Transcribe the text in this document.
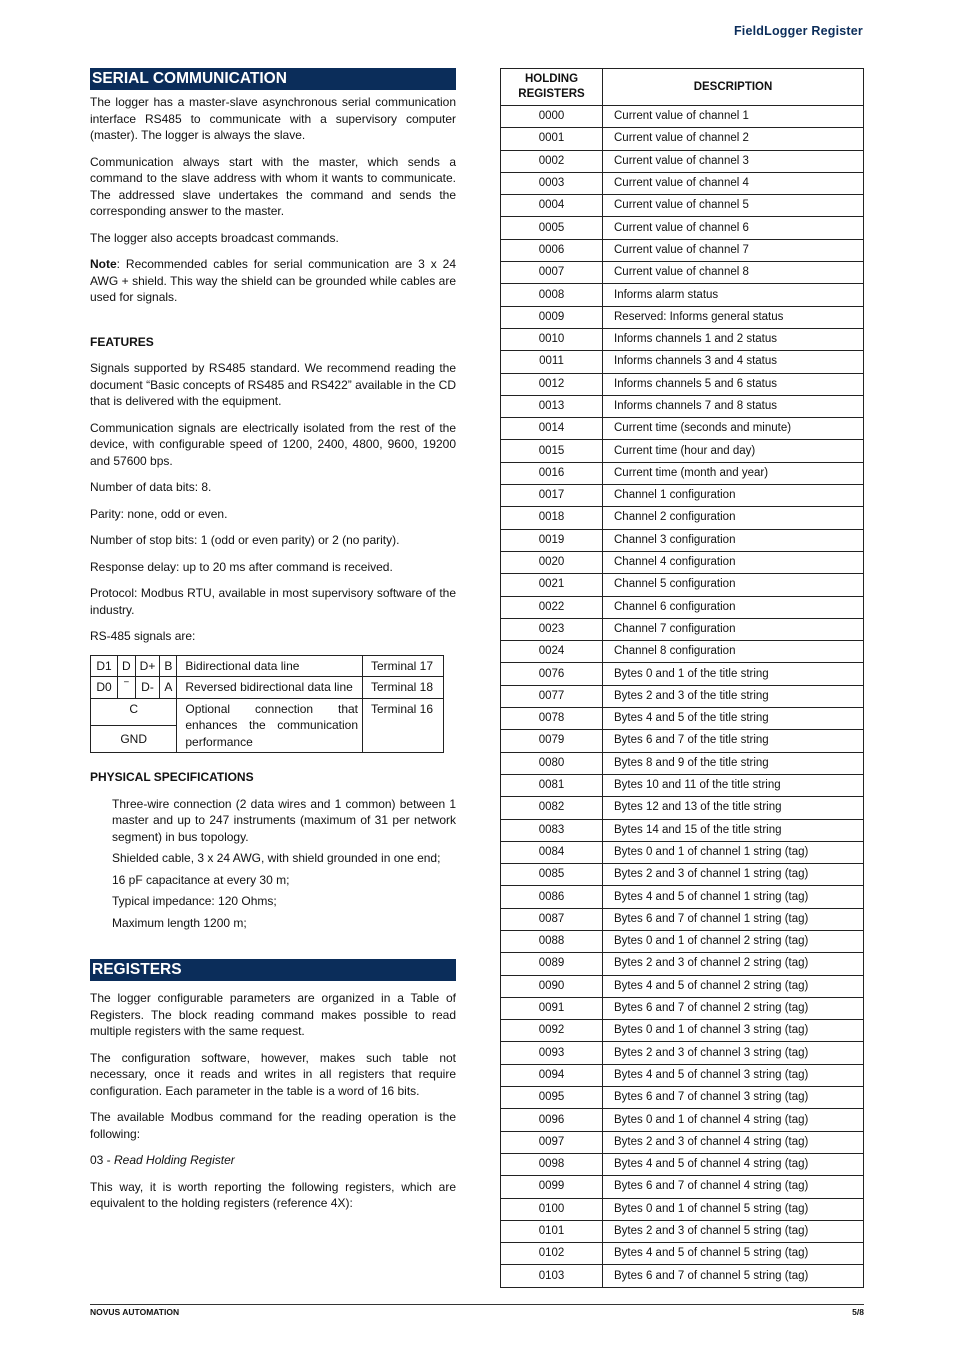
FieldLogger Register
SERIAL COMMUNICATION

The logger has a master-slave asynchronous serial communication interface RS485 to communicate with a supervisory computer (master). The logger is always the slave.

Communication always start with the master, which sends a command to the slave address with whom it wants to communicate. The addressed slave undertakes the command and sends the corresponding answer to the master.

The logger also accepts broadcast commands.

Note: Recommended cables for serial communication are 3 x 24 AWG + shield. This way the shield can be grounded while cables are used for signals.

FEATURES

Signals supported by RS485 standard. We recommend reading the document “Basic concepts of RS485 and RS422” available in the CD that is delivered with the equipment.

Communication signals are electrically isolated from the rest of the device, with configurable speed of 1200, 2400, 4800, 9600, 19200 and 57600 bps.

Number of data bits: 8.

Parity: none, odd or even.

Number of stop bits: 1 (odd or even parity) or 2 (no parity).

Response delay: up to 20 ms after command is received.

Protocol: Modbus RTU, available in most supervisory software of the industry.

RS-485 signals are:

D1	D	D+	B	Bidirectional data line	Terminal 17
D0	‾	D-	A	Reversed bidirectional data line	Terminal 18
C				Optional connection that enhances the communication performance	Terminal 16
GND					
PHYSICAL SPECIFICATIONS
Three-wire connection (2 data wires and 1 common) between 1 master and up to 247 instruments (maximum of 31 per network segment) in bus topology.
Shielded cable, 3 x 24 AWG, with shield grounded in one end;
16 pF capacitance at every 30 m;
Typical impedance: 120 Ohms;
Maximum length 1200 m;
REGISTERS

The logger configurable parameters are organized in a Table of Registers. The block reading command makes possible to read multiple registers with the same request.

The configuration software, however, makes such table not necessary, once it reads and writes in all registers that require configuration. Each parameter in the table is a word of 16 bits.

The available Modbus command for the reading operation is the following:

03 - Read Holding Register

This way, it is worth reporting the following registers, which are equivalent to the holding registers (reference 4X):

HOLDING
REGISTERS	DESCRIPTION
0000	Current value of channel 1
0001	Current value of channel 2
0002	Current value of channel 3
0003	Current value of channel 4
0004	Current value of channel 5
0005	Current value of channel 6
0006	Current value of channel 7
0007	Current value of channel 8
0008	Informs alarm status
0009	Reserved: Informs general status
0010	Informs channels 1 and 2 status
0011	Informs channels 3 and 4 status
0012	Informs channels 5 and 6 status
0013	Informs channels 7 and 8 status
0014	Current time (seconds and minute)
0015	Current time (hour and day)
0016	Current time (month and year)
0017	Channel 1 configuration
0018	Channel 2 configuration
0019	Channel 3 configuration
0020	Channel 4 configuration
0021	Channel 5 configuration
0022	Channel 6 configuration
0023	Channel 7 configuration
0024	Channel 8 configuration
0076	Bytes 0 and 1 of the title string
0077	Bytes 2 and 3 of the title string
0078	Bytes 4 and 5 of the title string
0079	Bytes 6 and 7 of the title string
0080	Bytes 8 and 9 of the title string
0081	Bytes 10 and 11 of the title string
0082	Bytes 12 and 13 of the title string
0083	Bytes 14 and 15 of the title string
0084	Bytes 0 and 1 of channel 1 string (tag)
0085	Bytes 2 and 3 of channel 1 string (tag)
0086	Bytes 4 and 5 of channel 1 string (tag)
0087	Bytes 6 and 7 of channel 1 string (tag)
0088	Bytes 0 and 1 of channel 2 string (tag)
0089	Bytes 2 and 3 of channel 2 string (tag)
0090	Bytes 4 and 5 of channel 2 string (tag)
0091	Bytes 6 and 7 of channel 2 string (tag)
0092	Bytes 0 and 1 of channel 3 string (tag)
0093	Bytes 2 and 3 of channel 3 string (tag)
0094	Bytes 4 and 5 of channel 3 string (tag)
0095	Bytes 6 and 7 of channel 3 string (tag)
0096	Bytes 0 and 1 of channel 4 string (tag)
0097	Bytes 2 and 3 of channel 4 string (tag)
0098	Bytes 4 and 5 of channel 4 string (tag)
0099	Bytes 6 and 7 of channel 4 string (tag)
0100	Bytes 0 and 1 of channel 5 string (tag)
0101	Bytes 2 and 3 of channel 5 string (tag)
0102	Bytes 4 and 5 of channel 5 string (tag)
0103	Bytes 6 and 7 of channel 5 string (tag)
NOVUS AUTOMATION	5/8
